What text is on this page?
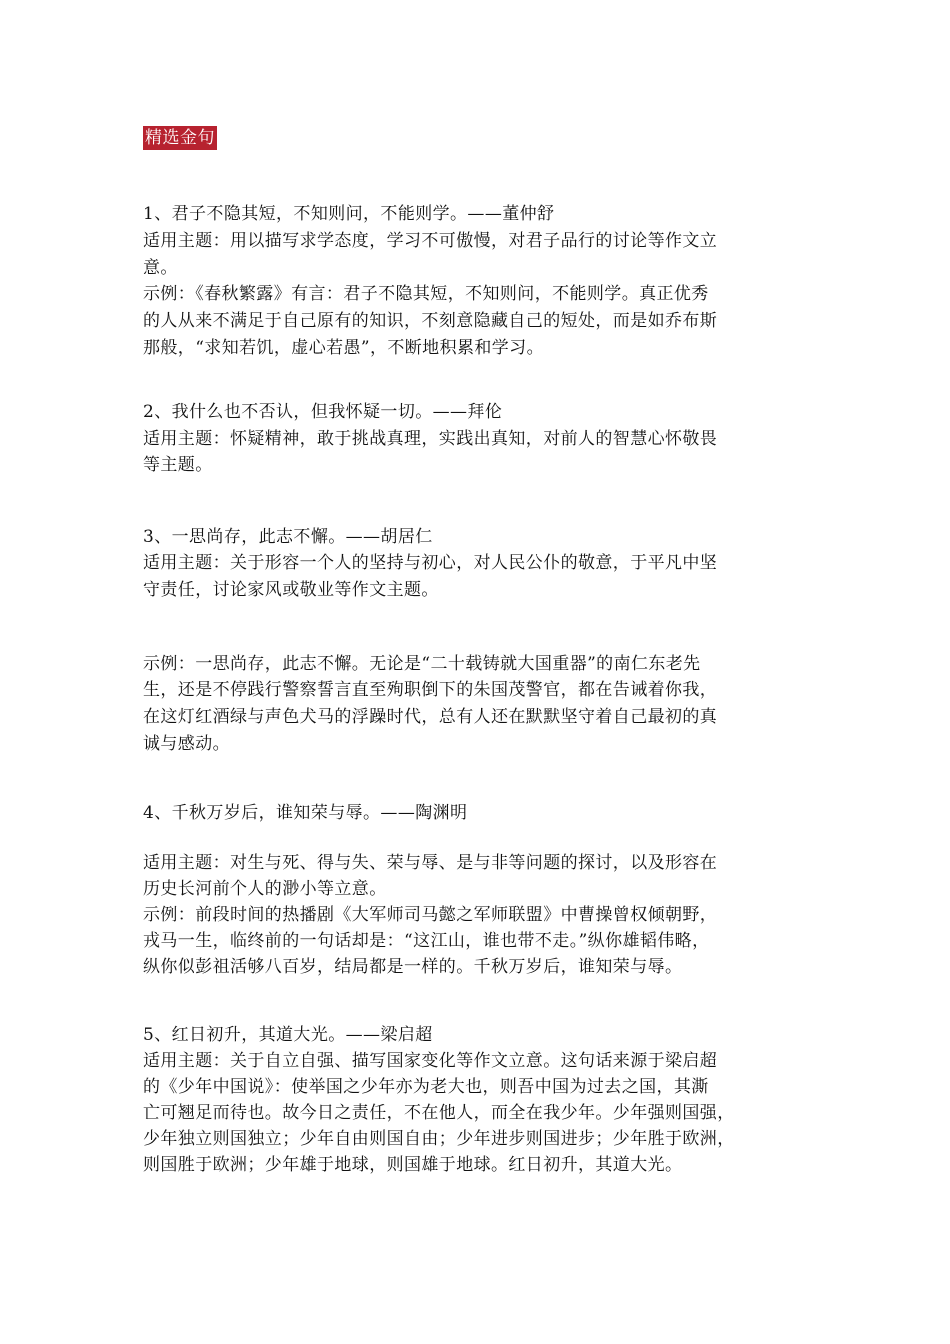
精选金句
1、君子不隐其短，不知则问，不能则学。——董仲舒
适用主题：用以描写求学态度，学习不可傲慢，对君子品行的讨论等作文立
意。
示例：《春秋繁露》有言：君子不隐其短，不知则问，不能则学。真正优秀
的人从来不满足于自己原有的知识，不刻意隐藏自己的短处，而是如乔布斯
那般，“求知若饥，虚心若愚”，不断地积累和学习。
2、我什么也不否认，但我怀疑一切。——拜伦
适用主题：怀疑精神，敢于挑战真理，实践出真知，对前人的智慧心怀敬畏
等主题。
3、一思尚存，此志不懈。——胡居仁
适用主题：关于形容一个人的坚持与初心，对人民公仆的敬意，于平凡中坚
守责任，讨论家风或敬业等作文主题。
示例：一思尚存，此志不懈。无论是“二十载铸就大国重器”的南仁东老先
生，还是不停践行警察誓言直至殉职倒下的朱国茂警官，都在告诫着你我，
在这灯红酒绿与声色犬马的浮躁时代，总有人还在默默坚守着自己最初的真
诚与感动。
4、千秋万岁后，谁知荣与辱。——陶渊明
适用主题：对生与死、得与失、荣与辱、是与非等问题的探讨，以及形容在
历史长河前个人的渺小等立意。
示例：前段时间的热播剧《大军师司马懿之军师联盟》中曹操曾权倾朝野，
戎马一生，临终前的一句话却是：“这江山，谁也带不走。”纵你雄韬伟略，
纵你似彭祖活够八百岁，结局都是一样的。千秋万岁后，谁知荣与辱。
5、红日初升，其道大光。——梁启超
适用主题：关于自立自强、描写国家变化等作文立意。这句话来源于梁启超
的《少年中国说》：使举国之少年亦为老大也，则吾中国为过去之国，其澌
亡可翘足而待也。故今日之责任，不在他人，而全在我少年。少年强则国强，
少年独立则国独立；少年自由则国自由；少年进步则国进步；少年胜于欧洲，
则国胜于欧洲；少年雄于地球，则国雄于地球。红日初升，其道大光。
